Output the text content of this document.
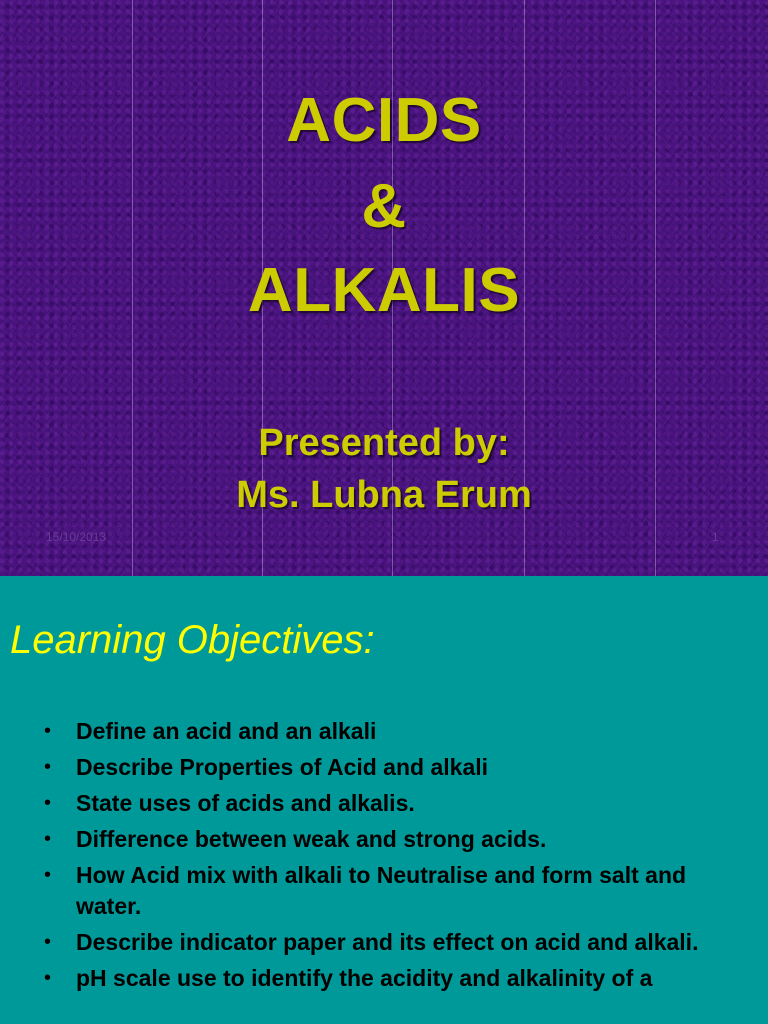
ACIDS
&
ALKALIS
Presented by:
Ms. Lubna Erum
15/10/2013	1
Learning Objectives:
• Define an acid and an alkali
• Describe Properties of Acid and alkali
• State uses of acids and alkalis.
• Difference between weak and strong acids.
• How Acid mix with alkali to Neutralise and form salt and water.
• Describe indicator paper and its effect on acid and alkali.
• pH scale use to identify the acidity and alkalinity of a
